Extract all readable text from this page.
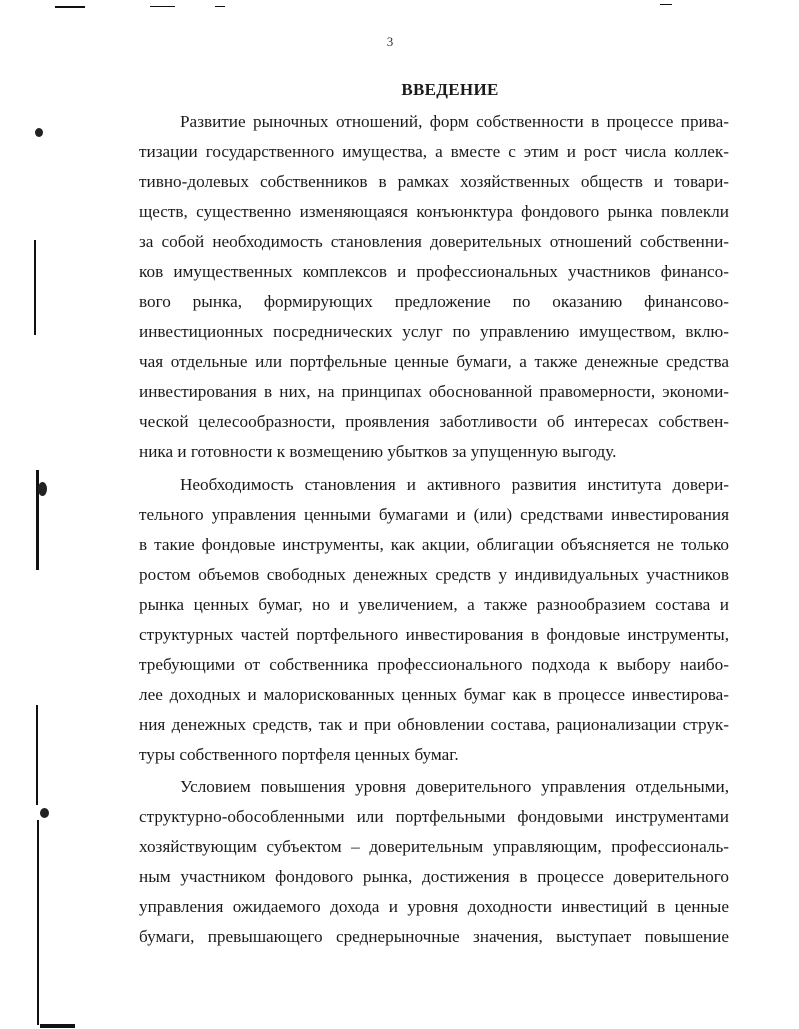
3
ВВЕДЕНИЕ
Развитие рыночных отношений, форм собственности в процессе прива-
тизации государственного имущества, а вместе с этим и рост числа коллек-
тивно-долевых собственников в рамках хозяйственных обществ и товари-
ществ, существенно изменяющаяся конъюнктура фондового рынка повлекли
за собой необходимость становления доверительных отношений собственни-
ков имущественных комплексов и профессиональных участников финансо-
вого рынка, формирующих предложение по оказанию финансово-
инвестиционных посреднических услуг по управлению имуществом, вклю-
чая отдельные или портфельные ценные бумаги, а также денежные средства
инвестирования в них, на принципах обоснованной правомерности, экономи-
ческой целесообразности, проявления заботливости об интересах собствен-
ника и готовности к возмещению убытков за упущенную выгоду.
Необходимость становления и активного развития института довери-
тельного управления ценными бумагами и (или) средствами инвестирования
в такие фондовые инструменты, как акции, облигации объясняется не только
ростом объемов свободных денежных средств у индивидуальных участников
рынка ценных бумаг, но и увеличением, а также разнообразием состава и
структурных частей портфельного инвестирования в фондовые инструменты,
требующими от собственника профессионального подхода к выбору наибо-
лее доходных и малорискованных ценных бумаг как в процессе инвестирова-
ния денежных средств, так и при обновлении состава, рационализации струк-
туры собственного портфеля ценных бумаг.
Условием повышения уровня доверительного управления отдельными,
структурно-обособленными или портфельными фондовыми инструментами
хозяйствующим субъектом – доверительным управляющим, профессиональ-
ным участником фондового рынка, достижения в процессе доверительного
управления ожидаемого дохода и уровня доходности инвестиций в ценные
бумаги, превышающего среднерыночные значения, выступает повышение
